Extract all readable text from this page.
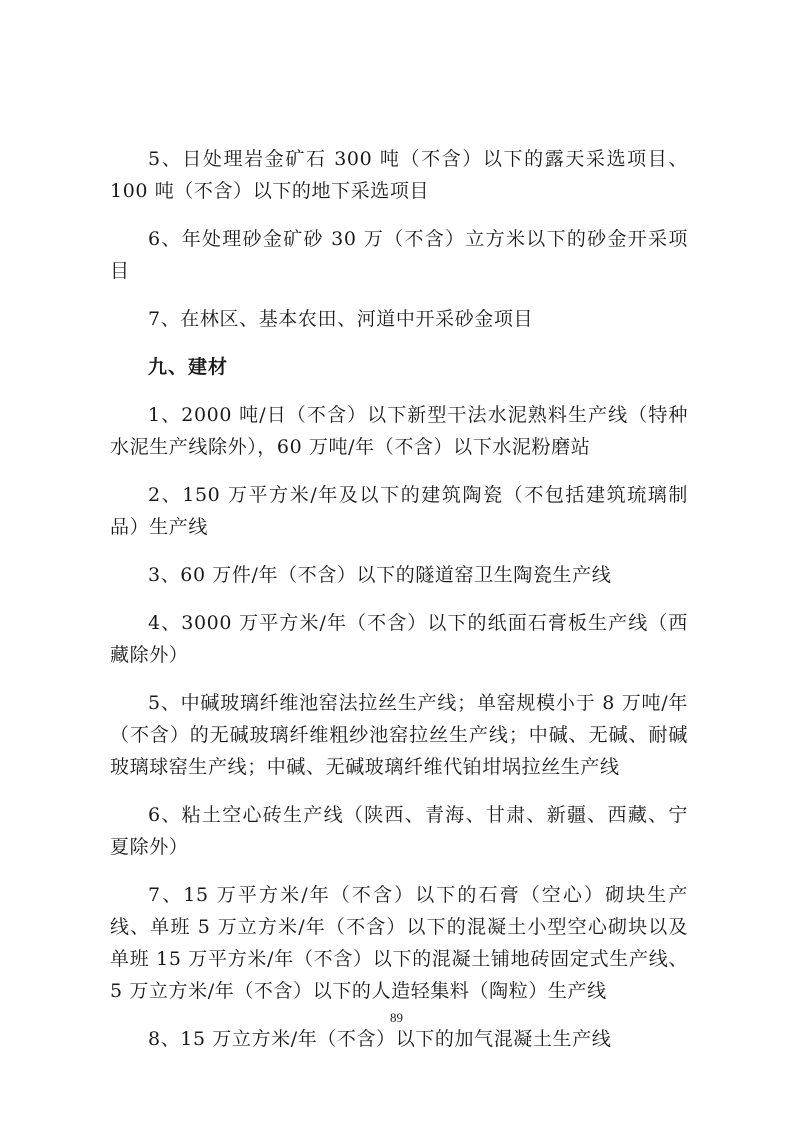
5、日处理岩金矿石 300 吨（不含）以下的露天采选项目、100 吨（不含）以下的地下采选项目

6、年处理砂金矿砂 30 万（不含）立方米以下的砂金开采项目

7、在林区、基本农田、河道中开采砂金项目

九、建材

1、2000 吨/日（不含）以下新型干法水泥熟料生产线（特种水泥生产线除外），60 万吨/年（不含）以下水泥粉磨站

2、150 万平方米/年及以下的建筑陶瓷（不包括建筑琉璃制品）生产线

3、60 万件/年（不含）以下的隧道窑卫生陶瓷生产线

4、3000 万平方米/年（不含）以下的纸面石膏板生产线（西藏除外）

5、中碱玻璃纤维池窑法拉丝生产线；单窑规模小于 8 万吨/年（不含）的无碱玻璃纤维粗纱池窑拉丝生产线；中碱、无碱、耐碱玻璃球窑生产线；中碱、无碱玻璃纤维代铂坩埚拉丝生产线

6、粘土空心砖生产线（陕西、青海、甘肃、新疆、西藏、宁夏除外）

7、15 万平方米/年（不含）以下的石膏（空心）砌块生产线、单班 5 万立方米/年（不含）以下的混凝土小型空心砌块以及单班 15 万平方米/年（不含）以下的混凝土铺地砖固定式生产线、5 万立方米/年（不含）以下的人造轻集料（陶粒）生产线

8、15 万立方米/年（不含）以下的加气混凝土生产线

89
